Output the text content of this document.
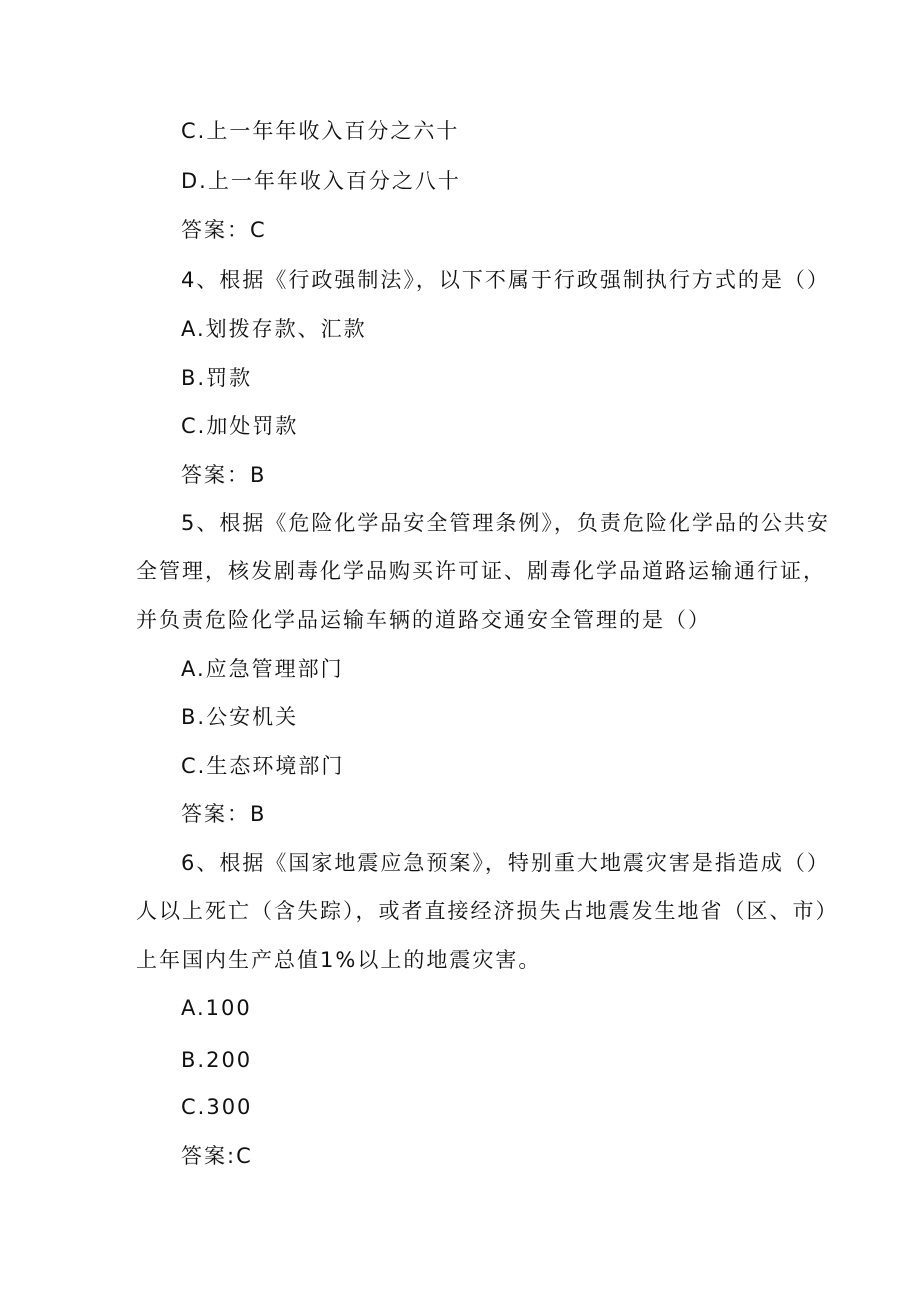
C.上一年年收入百分之六十
D.上一年年收入百分之八十
答案：C
4、根据《行政强制法》，以下不属于行政强制执行方式的是（）
A.划拨存款、汇款
B.罚款
C.加处罚款
答案：B
5、根据《危险化学品安全管理条例》，负责危险化学品的公共安
全管理，核发剧毒化学品购买许可证、剧毒化学品道路运输通行证，
并负责危险化学品运输车辆的道路交通安全管理的是（）
A.应急管理部门
B.公安机关
C.生态环境部门
答案：B
6、根据《国家地震应急预案》，特别重大地震灾害是指造成（）
人以上死亡（含失踪），或者直接经济损失占地震发生地省（区、市）
上年国内生产总值1%以上的地震灾害。
A.100
B.200
C.300
答案:C
